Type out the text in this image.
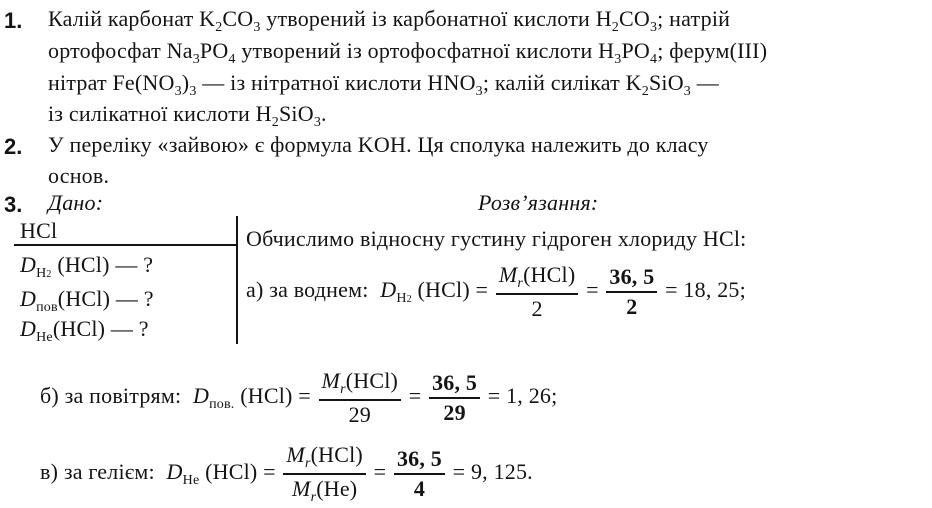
1. Калій карбонат $K_2CO_3$ утворений із карбонатної кислоти $H_2CO_3$; натрій
ортофосфат $Na_3PO_4$ утворений із ортофосфатної кислоти $H_3PO_4$; ферум(III)
нітрат $Fe(NO_3)_3$ — із нітратної кислоти $HNO_3$; калій силікат $K_2SiO_3$ —
із силікатної кислоти $H_2SiO_3$.
2. У переліку «зайвою» є формула KOH. Ця сполука належить до класу
основ.
3. Дано:	Розв’язання:
HCl
$D_{H2}$ (HCl) — ?
$D_{пов}(HCl)$ — ?
$D_{He}(HCl)$ — ?
Обчислимо відносну густину гідроген хлориду HCl:
а) за воднем: $D_{H2}$ $(HCl) = \frac{M_r(HCl)}{2} = \frac{36, 5}{2} = 18$, 25;
б) за повітрям: $D_{пов.}$ $(HCl) = \frac{M_r(HCl)}{29} = \frac{36, 5}{29} = 1$, 26;
в) за гелієм: $D_{He}$ $(HCl) = \frac{M_r(HCl)}{M_r(He)} = \frac{36, 5}{4} = 9$, 125.
